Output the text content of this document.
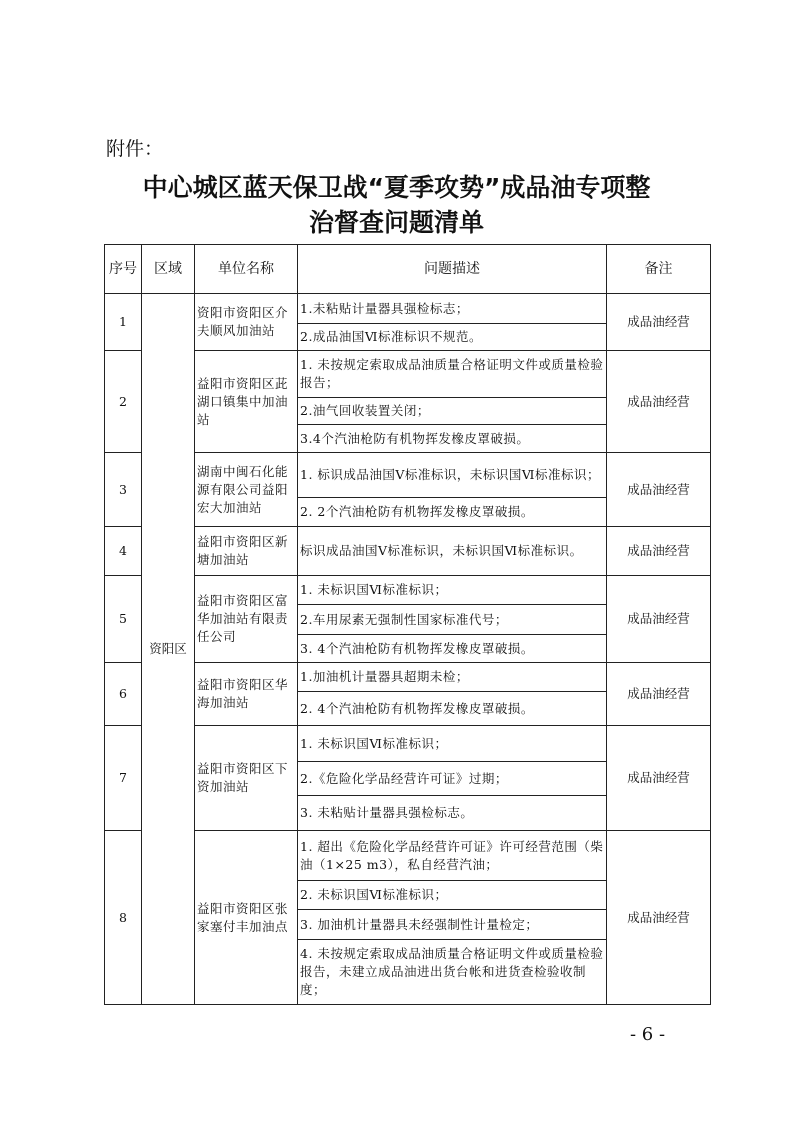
附件：
中心城区蓝天保卫战“夏季攻势”成品油专项整
治督查问题清单
序号	区域	单位名称	问题描述	备注
1	资阳区	资阳市资阳区介夫顺风加油站	1.未粘贴计量器具强检标志；	成品油经营
			2.成品油国Ⅵ标准标识不规范。	
2		益阳市资阳区茈湖口镇集中加油站	1. 未按规定索取成品油质量合格证明文件或质量检验报告；	成品油经营
			2.油气回收装置关闭；	
			3.4个汽油枪防有机物挥发橡皮罩破损。	
3		湖南中闽石化能源有限公司益阳宏大加油站	1. 标识成品油国Ⅴ标准标识，未标识国Ⅵ标准标识；	成品油经营
			2. 2个汽油枪防有机物挥发橡皮罩破损。	
4		益阳市资阳区新塘加油站	标识成品油国Ⅴ标准标识，未标识国Ⅵ标准标识。	成品油经营
5		益阳市资阳区富华加油站有限责任公司	1. 未标识国Ⅵ标准标识；	成品油经营
			2.车用尿素无强制性国家标准代号；	
			3. 4个汽油枪防有机物挥发橡皮罩破损。	
6		益阳市资阳区华海加油站	1.加油机计量器具超期未检；	成品油经营
			2. 4个汽油枪防有机物挥发橡皮罩破损。	
7		益阳市资阳区下资加油站	1. 未标识国Ⅵ标准标识；	成品油经营
			2.《危险化学品经营许可证》过期；	
			3. 未粘贴计量器具强检标志。	
8		益阳市资阳区张家塞付丰加油点	1. 超出《危险化学品经营许可证》许可经营范围（柴油（1×25 m3），私自经营汽油；	成品油经营
			2. 未标识国Ⅵ标准标识；	
			3. 加油机计量器具未经强制性计量检定；	
			4. 未按规定索取成品油质量合格证明文件或质量检验报告，未建立成品油进出货台帐和进货查检验收制度；	
- 6 -
